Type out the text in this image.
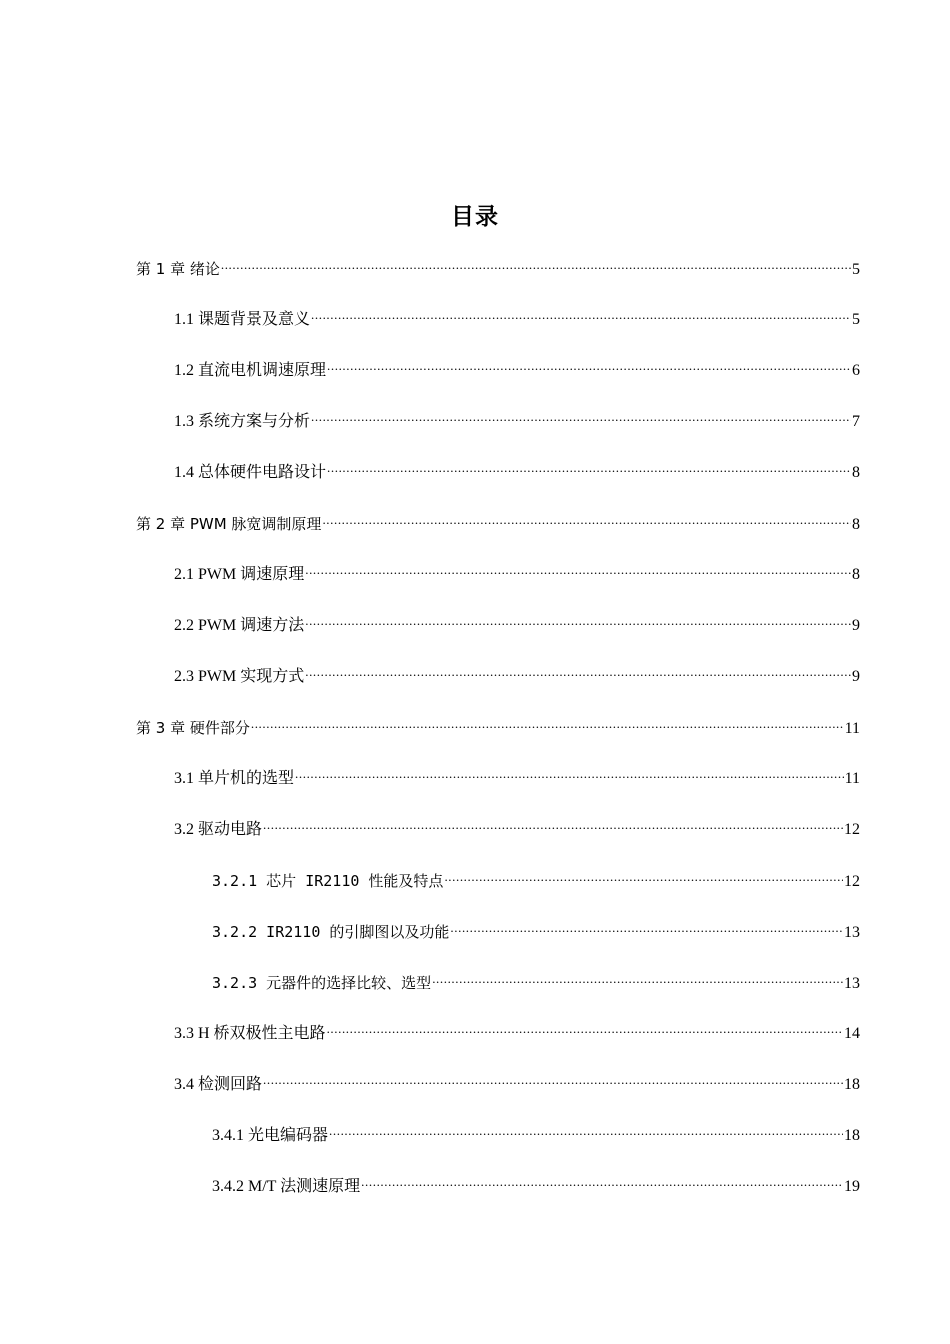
目录
第 1 章 绪论 .....	5
1.1 课题背景及意义 .....	5
1.2 直流电机调速原理 .....	6
1.3 系统方案与分析 .....	7
1.4 总体硬件电路设计 .....	8
第 2 章 PWM 脉宽调制原理 .....	8
2.1 PWM 调速原理 .....	8
2.2 PWM 调速方法 .....	9
2.3 PWM 实现方式 .....	9
第 3 章 硬件部分 .....	11
3.1 单片机的选型 .....	11
3.2 驱动电路 .....	12
3.2.1 芯片 IR2110 性能及特点 .....	12
3.2.2 IR2110 的引脚图以及功能 .....	13
3.2.3 元器件的选择比较、选型 .....	13
3.3 H 桥双极性主电路 .....	14
3.4 检测回路 .....	18
3.4.1 光电编码器 .....	18
3.4.2 M/T 法测速原理 .....	19
